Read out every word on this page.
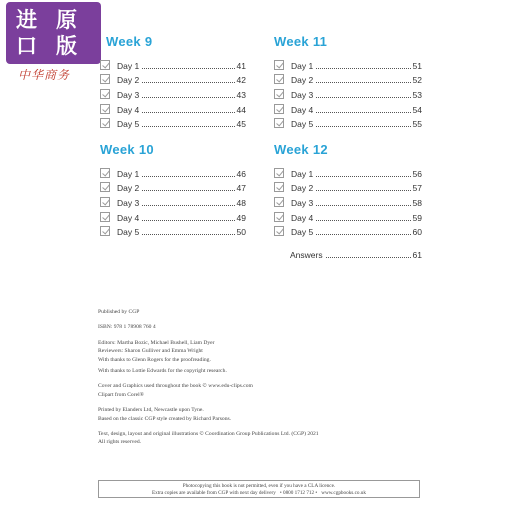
进
口
原
版
中华商务
Week 9
Day 1	41
Day 2	42
Day 3	43
Day 4	44
Day 5	45
Week 11
Day 1	51
Day 2	52
Day 3	53
Day 4	54
Day 5	55
Week 10
Day 1	46
Day 2	47
Day 3	48
Day 4	49
Day 5	50
Week 12
Day 1	56
Day 2	57
Day 3	58
Day 4	59
Day 5	60
Answers	61

Published by CGP

ISBN: 978 1 78908 760 4

Editors: Martha Bozic, Michael Bushell, Liam Dyer

Reviewers: Sharon Gulliver and Emma Wright

With thanks to Glenn Rogers for the proofreading.

With thanks to Lottie Edwards for the copyright research.

Cover and Graphics used throughout the book © www.edu-clips.com

Clipart from Corel®

Printed by Elanders Ltd, Newcastle upon Tyne.

Based on the classic CGP style created by Richard Parsons.

Text, design, layout and original illustrations © Coordination Group Publications Ltd. (CGP) 2021

All rights reserved.

Photocopying this book is not permitted, even if you have a CLA licence.
Extra copies are available from CGP with next day delivery • 0800 1712 712 • www.cgpbooks.co.uk
